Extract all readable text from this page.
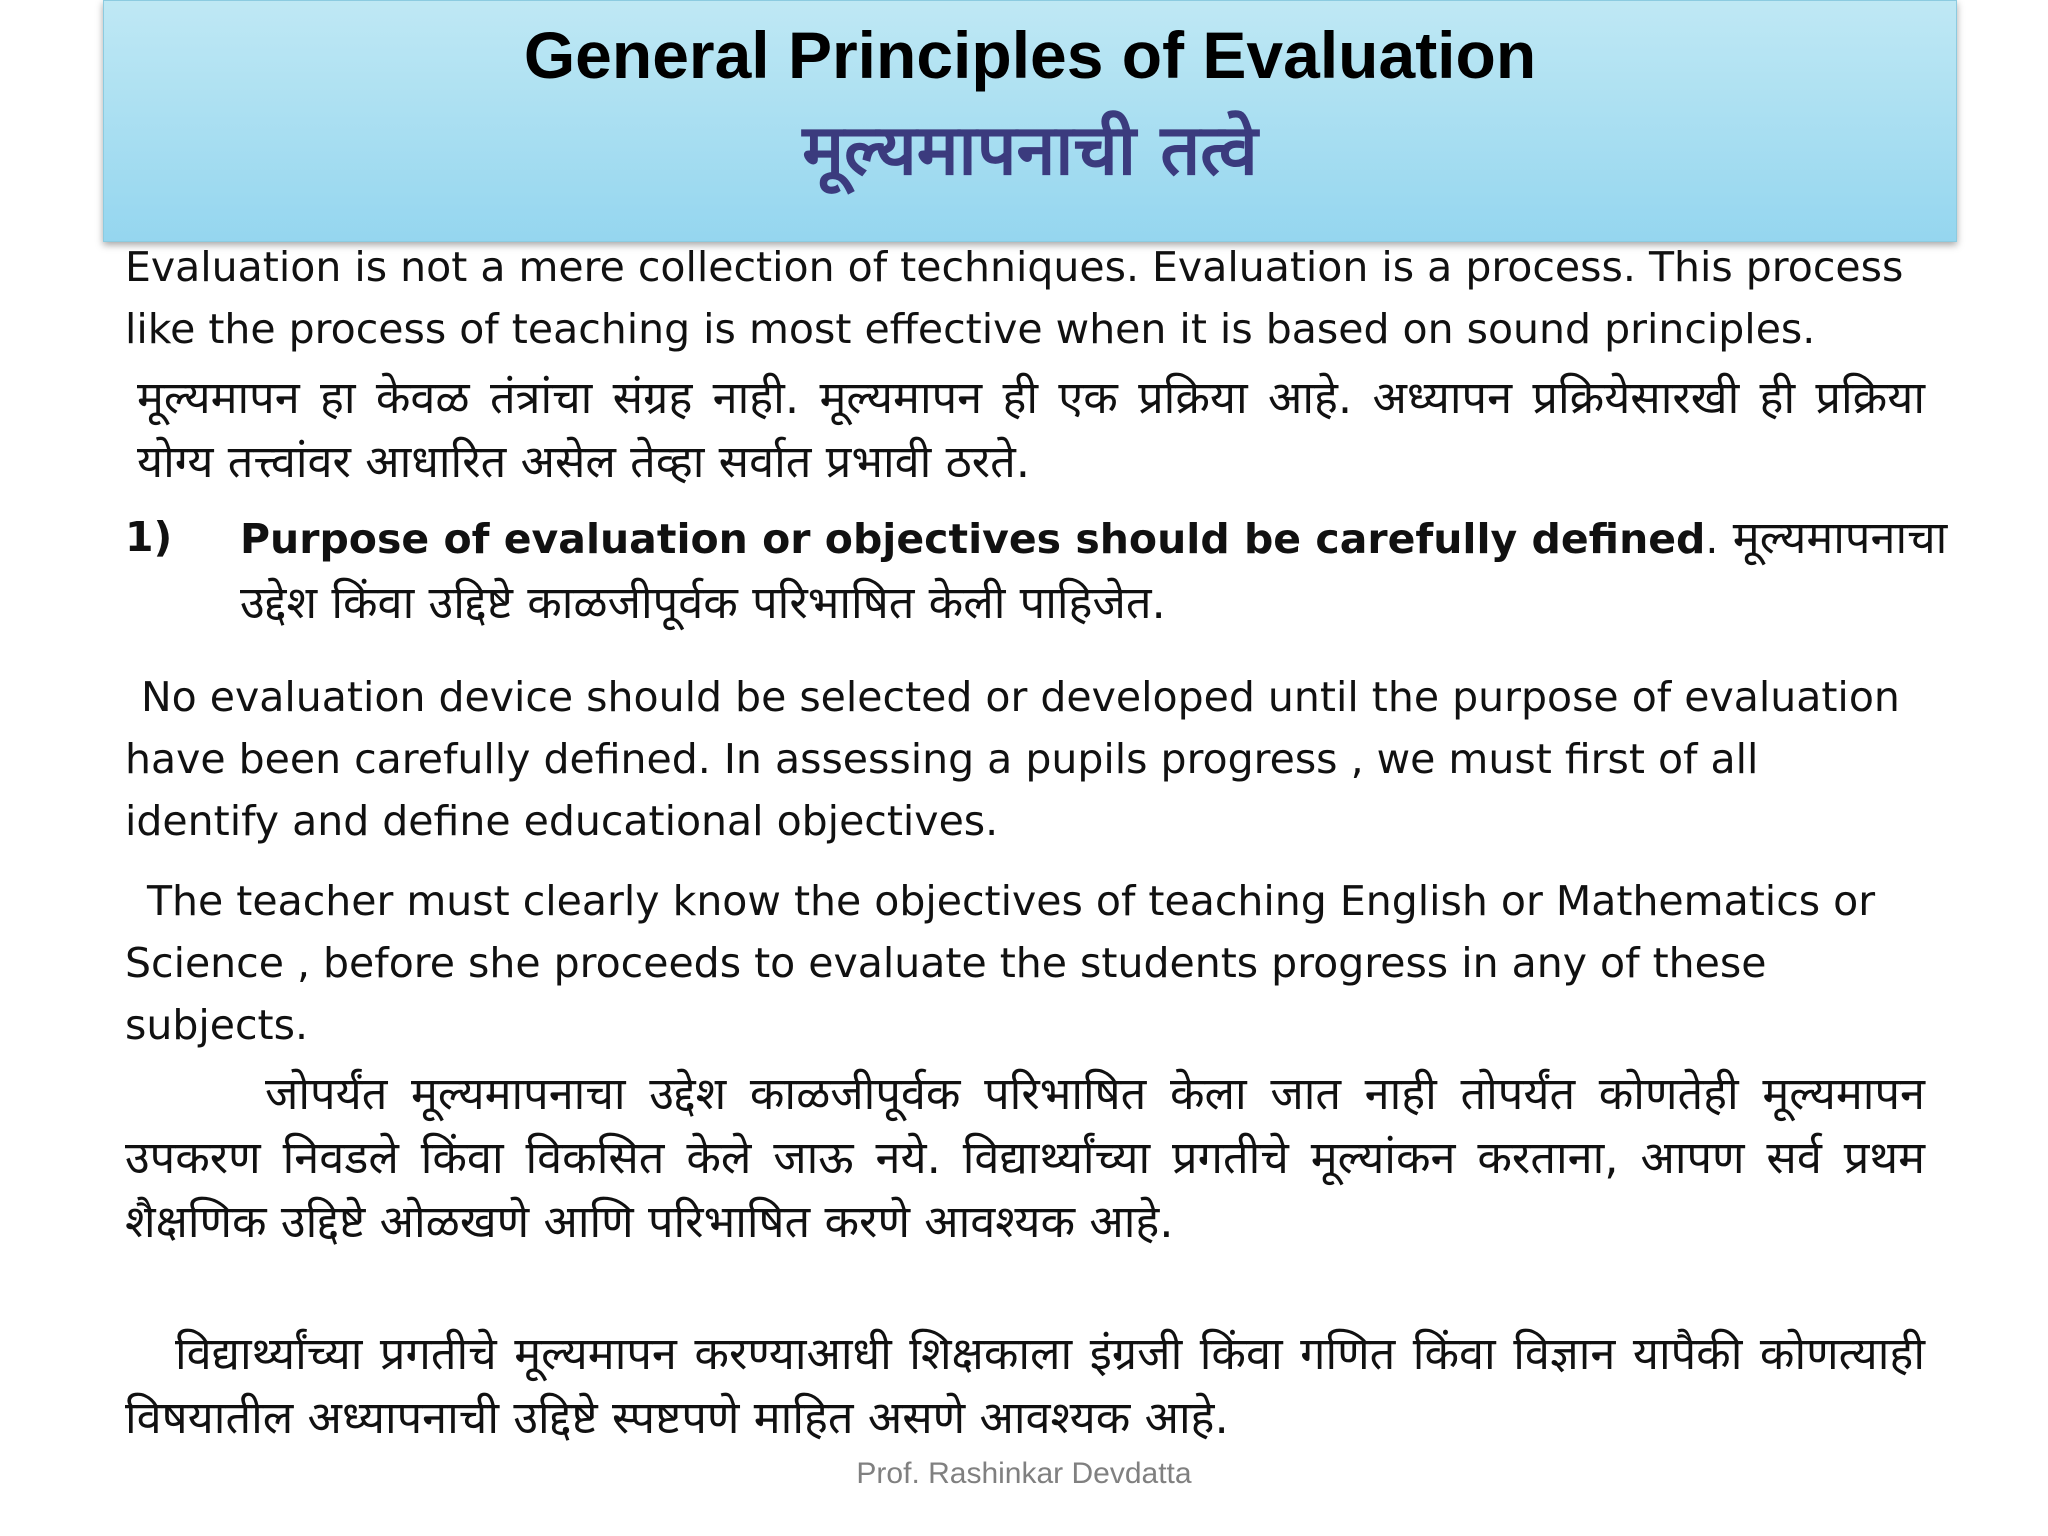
General Principles of Evaluation
मूल्यमापनाची तत्वे
Evaluation is not a mere collection of techniques. Evaluation is a process. This process like the process of teaching is most effective when it is based on sound principles.
मूल्यमापन हा केवळ तंत्रांचा संग्रह नाही. मूल्यमापन ही एक प्रक्रिया आहे. अध्यापन प्रक्रियेसारखी ही प्रक्रिया योग्य तत्त्वांवर आधारित असेल तेव्हा सर्वात प्रभावी ठरते.
1) Purpose of evaluation or objectives should be carefully defined. मूल्यमापनाचा उद्देश किंवा उद्दिष्टे काळजीपूर्वक परिभाषित केली पाहिजेत.
No evaluation device should be selected or developed until the purpose of evaluation have been carefully defined. In assessing a pupils progress , we must first of all identify and define educational objectives.
The teacher must clearly know the objectives of teaching English or Mathematics or Science , before she proceeds to evaluate the students progress in any of these subjects.
जोपर्यंत मूल्यमापनाचा उद्देश काळजीपूर्वक परिभाषित केला जात नाही तोपर्यंत कोणतेही मूल्यमापन उपकरण निवडले किंवा विकसित केले जाऊ नये. विद्यार्थ्यांच्या प्रगतीचे मूल्यांकन करताना, आपण सर्व प्रथम शैक्षणिक उद्दिष्टे ओळखणे आणि परिभाषित करणे आवश्यक आहे.
विद्यार्थ्यांच्या प्रगतीचे मूल्यमापन करण्याआधी शिक्षकाला इंग्रजी किंवा गणित किंवा विज्ञान यापैकी कोणत्याही विषयातील अध्यापनाची उद्दिष्टे स्पष्टपणे माहित असणे आवश्यक आहे.
Prof. Rashinkar Devdatta
